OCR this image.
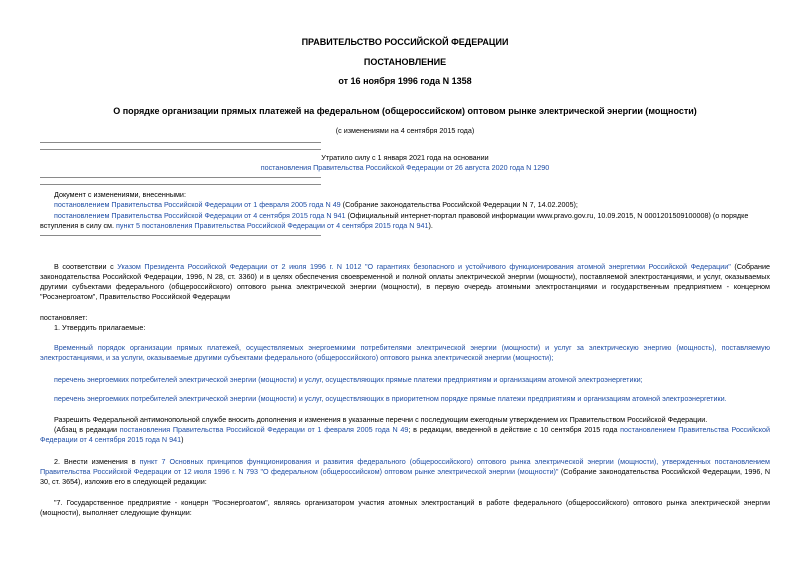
ПРАВИТЕЛЬСТВО РОССИЙСКОЙ ФЕДЕРАЦИИ
ПОСТАНОВЛЕНИЕ
от 16 ноября 1996 года N 1358
О порядке организации прямых платежей на федеральном (общероссийском) оптовом рынке электрической энергии (мощности)
(с изменениями на 4 сентября 2015 года)
Утратило силу с 1 января 2021 года на основании
постановления Правительства Российской Федерации от 26 августа 2020 года N 1290
Документ с изменениями, внесенными:
постановлением Правительства Российской Федерации от 1 февраля 2005 года N 49 (Собрание законодательства Российской Федерации N 7, 14.02.2005);
постановлением Правительства Российской Федерации от 4 сентября 2015 года N 941 (Официальный интернет-портал правовой информации www.pravo.gov.ru, 10.09.2015, N 0001201509100008) (о порядке
вступления в силу см. пункт 5 постановления Правительства Российской Федерации от 4 сентября 2015 года N 941).
В соответствии с Указом Президента Российской Федерации от 2 июля 1996 г. N 1012 "О гарантиях безопасного и устойчивого функционирования атомной энергетики Российской Федерации" (Собрание законодательства Российской Федерации, 1996, N 28, ст. 3360) и в целях обеспечения своевременной и полной оплаты электрической энергии (мощности), поставляемой электростанциями, и услуг, оказываемых другими субъектами федерального (общероссийского) оптового рынка электрической энергии (мощности), в первую очередь атомными электростанциями и государственным предприятием - концерном "Росэнергоатом", Правительство Российской Федерации
постановляет:
1. Утвердить прилагаемые:
Временный порядок организации прямых платежей, осуществляемых энергоемкими потребителями электрической энергии (мощности) и услуг за электрическую энергию (мощность), поставляемую электростанциями, и за услуги, оказываемые другими субъектами федерального (общероссийского) оптового рынка электрической энергии (мощности);
перечень энергоемких потребителей электрической энергии (мощности) и услуг, осуществляющих прямые платежи предприятиям и организациям атомной электроэнергетики;
перечень энергоемких потребителей электрической энергии (мощности) и услуг, осуществляющих в приоритетном порядке прямые платежи предприятиям и организациям атомной электроэнергетики.
Разрешить Федеральной антимонопольной службе вносить дополнения и изменения в указанные перечни с последующим ежегодным утверждением их Правительством Российской Федерации.
(Абзац в редакции постановления Правительства Российской Федерации от 1 февраля 2005 года N 49; в редакции, введенной в действие с 10 сентября 2015 года постановлением Правительства Российской Федерации от 4 сентября 2015 года N 941)
2. Внести изменения в пункт 7 Основных принципов функционирования и развития федерального (общероссийского) оптового рынка электрической энергии (мощности), утвержденных постановлением Правительства Российской Федерации от 12 июля 1996 г. N 793 "О федеральном (общероссийском) оптовом рынке электрической энергии (мощности)" (Собрание законодательства Российской Федерации, 1996, N 30, ст. 3654), изложив его в следующей редакции:
"7. Государственное предприятие - концерн "Росэнергоатом", являясь организатором участия атомных электростанций в работе федерального (общероссийского) оптового рынка электрической энергии (мощности), выполняет следующие функции:
